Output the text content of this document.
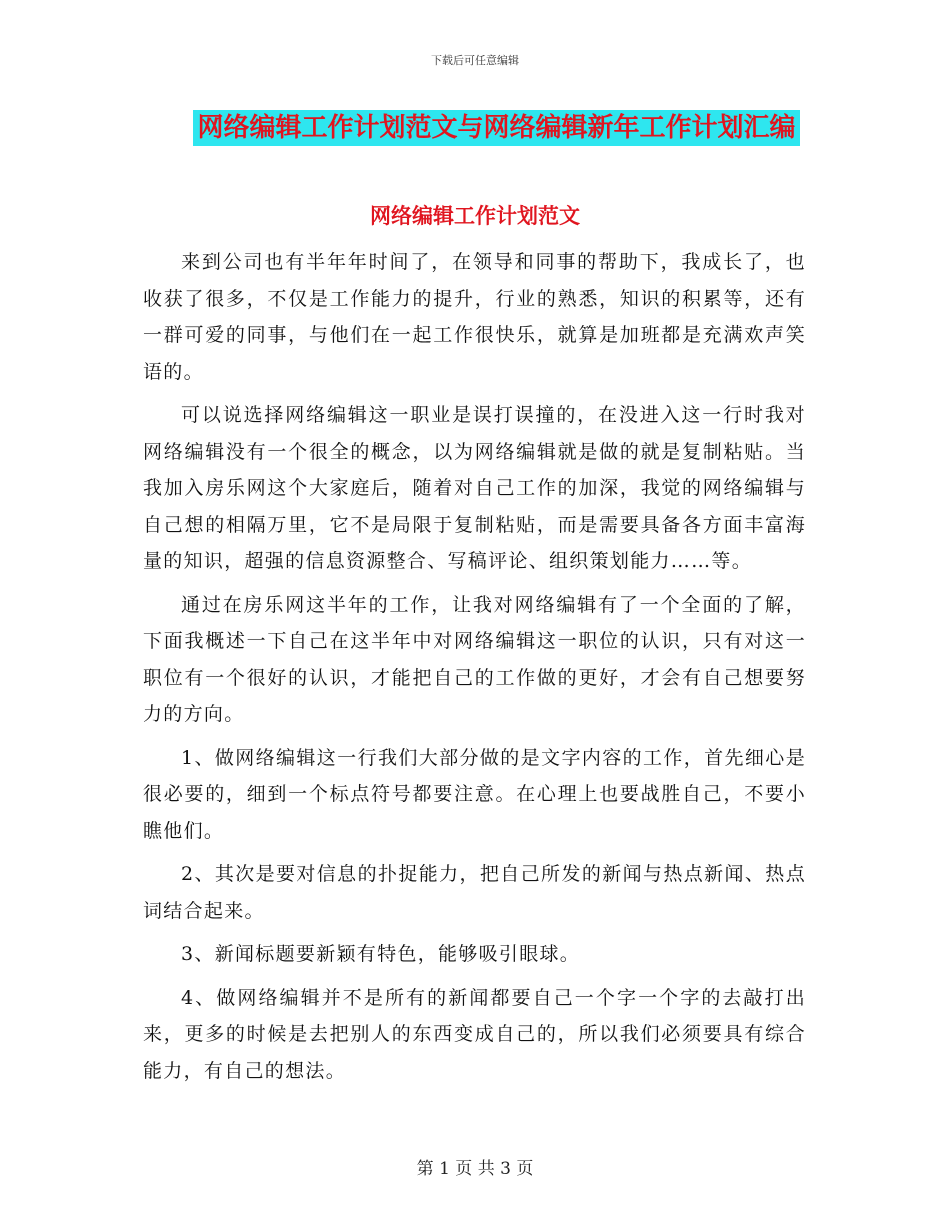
下载后可任意编辑
网络编辑工作计划范文与网络编辑新年工作计划汇编
网络编辑工作计划范文

来到公司也有半年年时间了，在领导和同事的帮助下，我成长了，也收获了很多，不仅是工作能力的提升，行业的熟悉，知识的积累等，还有一群可爱的同事，与他们在一起工作很快乐，就算是加班都是充满欢声笑语的。

可以说选择网络编辑这一职业是误打误撞的，在没进入这一行时我对网络编辑没有一个很全的概念，以为网络编辑就是做的就是复制粘贴。当我加入房乐网这个大家庭后，随着对自己工作的加深，我觉的网络编辑与自己想的相隔万里，它不是局限于复制粘贴，而是需要具备各方面丰富海量的知识，超强的信息资源整合、写稿评论、组织策划能力……等。

通过在房乐网这半年的工作，让我对网络编辑有了一个全面的了解，下面我概述一下自己在这半年中对网络编辑这一职位的认识，只有对这一职位有一个很好的认识，才能把自己的工作做的更好，才会有自己想要努力的方向。

1、做网络编辑这一行我们大部分做的是文字内容的工作，首先细心是很必要的，细到一个标点符号都要注意。在心理上也要战胜自己，不要小瞧他们。

2、其次是要对信息的扑捉能力，把自己所发的新闻与热点新闻、热点词结合起来。

3、新闻标题要新颖有特色，能够吸引眼球。

4、做网络编辑并不是所有的新闻都要自己一个字一个字的去敲打出来，更多的时候是去把别人的东西变成自己的，所以我们必须要具有综合能力，有自己的想法。

第 1 页 共 3 页
